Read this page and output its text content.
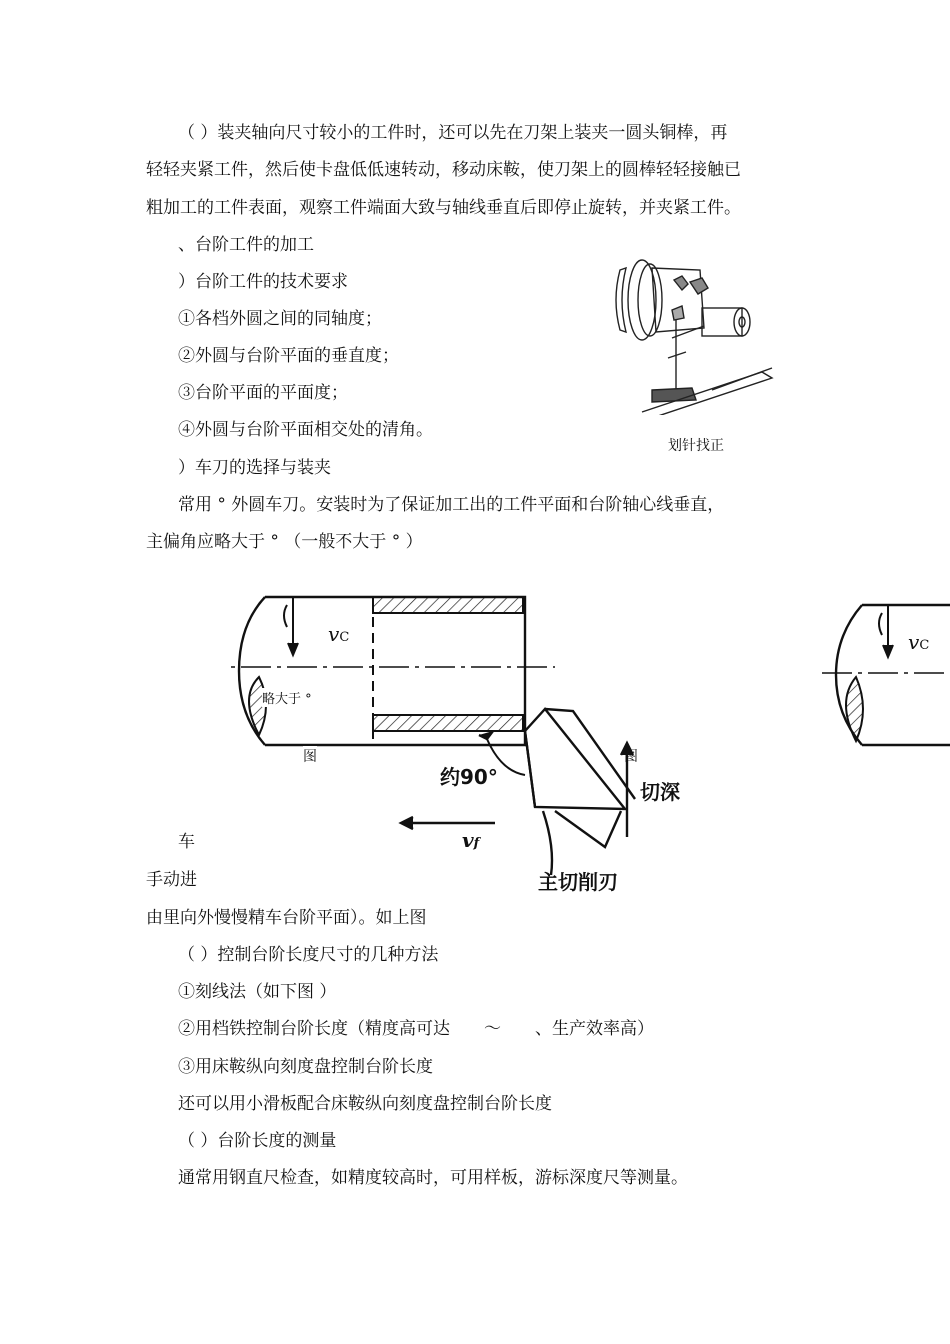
（ ）装夹轴向尺寸较小的工件时，还可以先在刀架上装夹一圆头铜棒，再
轻轻夹紧工件，然后使卡盘低低速转动，移动床鞍，使刀架上的圆棒轻轻接触已
粗加工的工件表面，观察工件端面大致与轴线垂直后即停止旋转，并夹紧工件。
、台阶工件的加工
）台阶工件的技术要求
①各档外圆之间的同轴度；
②外圆与台阶平面的垂直度；
③台阶平面的平面度；
④外圆与台阶平面相交处的清角。
）车刀的选择与装夹
常用 ° 外圆车刀。安装时为了保证加工出的工件平面和台阶轴心线垂直，
主偏角应略大于 ° （一般不大于 ° ）
划针找正
vC
略大于 °
图	图
约90°
切深
vf
主切削刃
车
手动进
vC
由里向外慢慢精车台阶平面）。如上图
（ ）控制台阶长度尺寸的几种方法
①刻线法（如下图 ）
②用档铁控制台阶长度（精度高可达　　～　　、生产效率高）
③用床鞍纵向刻度盘控制台阶长度
还可以用小滑板配合床鞍纵向刻度盘控制台阶长度
（ ）台阶长度的测量
通常用钢直尺检查，如精度较高时，可用样板，游标深度尺等测量。
